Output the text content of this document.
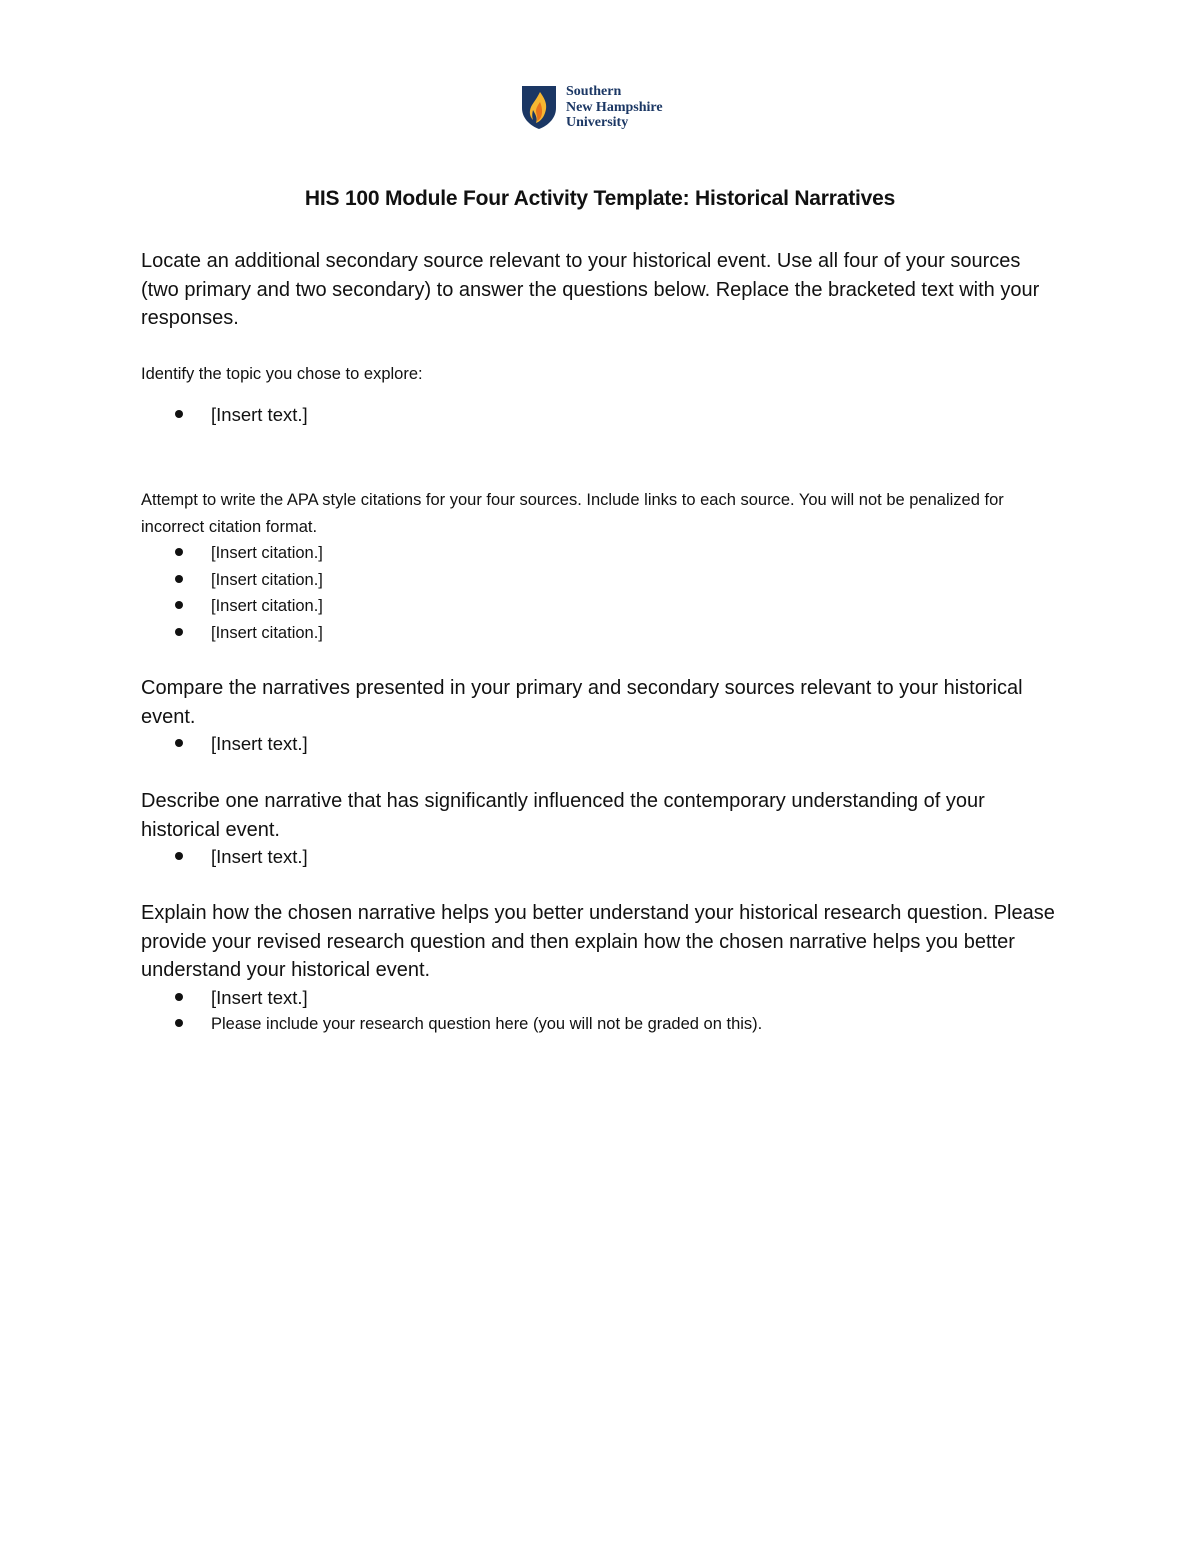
Southern
New Hampshire
University
HIS 100 Module Four Activity Template: Historical Narratives

Locate an additional secondary source relevant to your historical event. Use all four of your sources (two primary and two secondary) to answer the questions below. Replace the bracketed text with your responses.

Identify the topic you chose to explore:

[Insert text.]

Attempt to write the APA style citations for your four sources. Include links to each source. You will not be penalized for incorrect citation format.

[Insert citation.]
[Insert citation.]
[Insert citation.]
[Insert citation.]

Compare the narratives presented in your primary and secondary sources relevant to your historical event.

[Insert text.]

Describe one narrative that has significantly influenced the contemporary understanding of your historical event.

[Insert text.]

Explain how the chosen narrative helps you better understand your historical research question. Please provide your revised research question and then explain how the chosen narrative helps you better understand your historical event.

[Insert text.]
Please include your research question here (you will not be graded on this).
